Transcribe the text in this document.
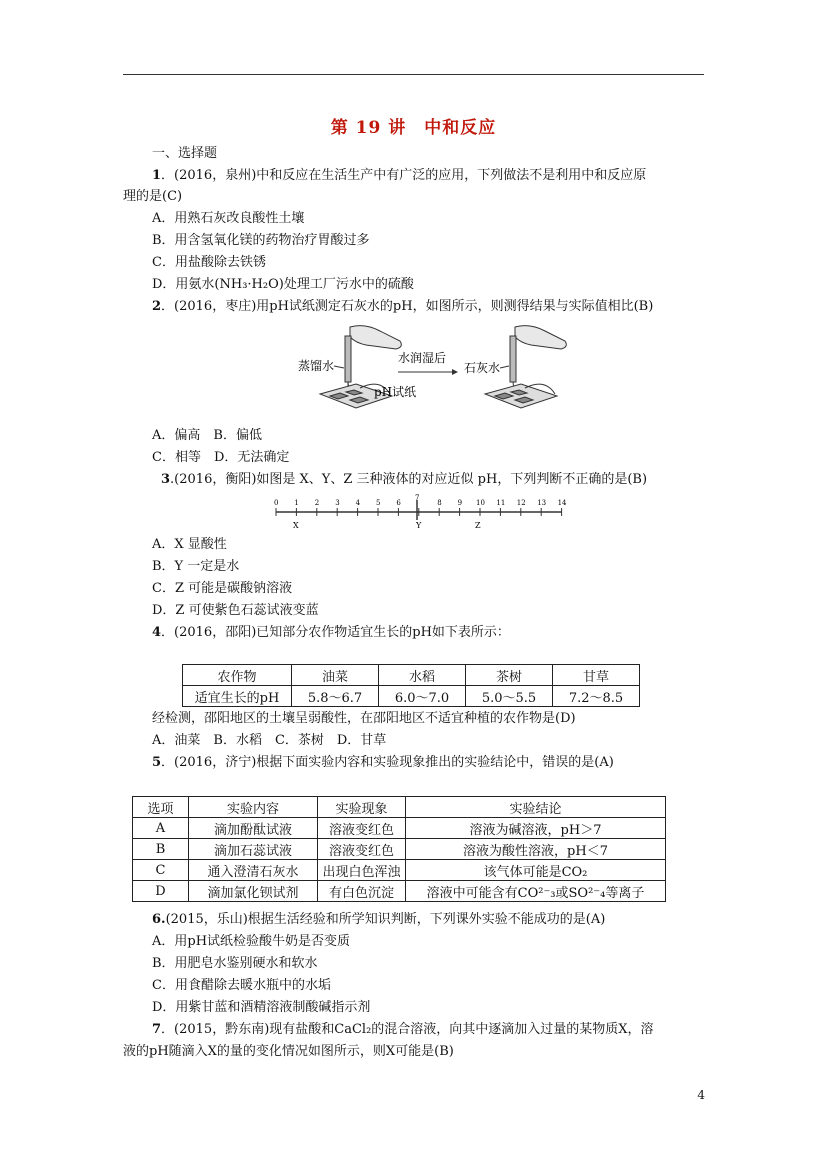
第 19 讲　中和反应
一、选择题
1．(2016，泉州)中和反应在生活生产中有广泛的应用，下列做法不是利用中和反应原
理的是(C)
A．用熟石灰改良酸性土壤
B．用含氢氧化镁的药物治疗胃酸过多
C．用盐酸除去铁锈
D．用氨水(NH₃·H₂O)处理工厂污水中的硫酸
2．(2016，枣庄)用pH试纸测定石灰水的pH，如图所示，则测得结果与实际值相比(B)
蒸馏水
pH试纸
水润湿后
石灰水
A．偏高　B．偏低
C．相等　D．无法确定
3.(2016，衡阳)如图是 X、Y、Z 三种液体的对应近似 pH，下列判断不正确的是(B)
0 1 2 3 4 5 6	8 9 10 11 12 13 14
7
X	Y	Z
A．X 显酸性
B．Y 一定是水
C．Z 可能是碳酸钠溶液
D．Z 可使紫色石蕊试液变蓝
4．(2016，邵阳)已知部分农作物适宜生长的pH如下表所示：
农作物	油菜	水稻	茶树	甘草
适宜生长的pH	5.8～6.7	6.0～7.0	5.0～5.5	7.2～8.5
经检测，邵阳地区的土壤呈弱酸性，在邵阳地区不适宜种植的农作物是(D)
A．油菜　B．水稻　C．茶树　D．甘草
5．(2016，济宁)根据下面实验内容和实验现象推出的实验结论中，错误的是(A)
选项	实验内容	实验现象	实验结论
A	滴加酚酞试液	溶液变红色	溶液为碱溶液，pH＞7
B	滴加石蕊试液	溶液变红色	溶液为酸性溶液，pH＜7
C	通入澄清石灰水	出现白色浑浊	该气体可能是CO₂
D	滴加氯化钡试剂	有白色沉淀	溶液中可能含有CO²⁻₃或SO²⁻₄等离子
6.(2015，乐山)根据生活经验和所学知识判断，下列课外实验不能成功的是(A)
A．用pH试纸检验酸牛奶是否变质
B．用肥皂水鉴别硬水和软水
C．用食醋除去暖水瓶中的水垢
D．用紫甘蓝和酒精溶液制酸碱指示剂
7．(2015，黔东南)现有盐酸和CaCl₂的混合溶液，向其中逐滴加入过量的某物质X，溶
液的pH随滴入X的量的变化情况如图所示，则X可能是(B)
4
